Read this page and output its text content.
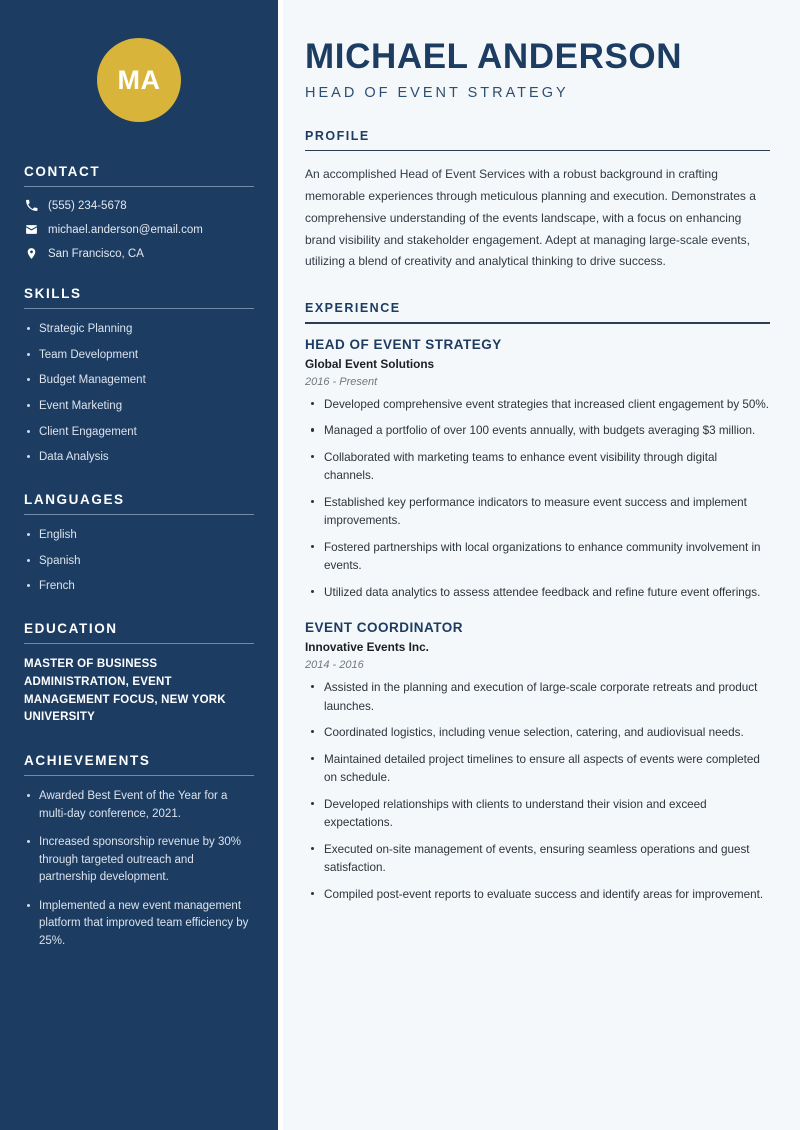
MA
CONTACT
(555) 234-5678
michael.anderson@email.com
San Francisco, CA
SKILLS
Strategic Planning
Team Development
Budget Management
Event Marketing
Client Engagement
Data Analysis
LANGUAGES
English
Spanish
French
EDUCATION
MASTER OF BUSINESS ADMINISTRATION, EVENT MANAGEMENT FOCUS, NEW YORK UNIVERSITY
ACHIEVEMENTS
Awarded Best Event of the Year for a multi-day conference, 2021.
Increased sponsorship revenue by 30% through targeted outreach and partnership development.
Implemented a new event management platform that improved team efficiency by 25%.
MICHAEL ANDERSON
HEAD OF EVENT STRATEGY
PROFILE

An accomplished Head of Event Services with a robust background in crafting memorable experiences through meticulous planning and execution. Demonstrates a comprehensive understanding of the events landscape, with a focus on enhancing brand visibility and stakeholder engagement. Adept at managing large-scale events, utilizing a blend of creativity and analytical thinking to drive success.

EXPERIENCE
HEAD OF EVENT STRATEGY
Global Event Solutions
2016 - Present
Developed comprehensive event strategies that increased client engagement by 50%.
Managed a portfolio of over 100 events annually, with budgets averaging $3 million.
Collaborated with marketing teams to enhance event visibility through digital channels.
Established key performance indicators to measure event success and implement improvements.
Fostered partnerships with local organizations to enhance community involvement in events.
Utilized data analytics to assess attendee feedback and refine future event offerings.
EVENT COORDINATOR
Innovative Events Inc.
2014 - 2016
Assisted in the planning and execution of large-scale corporate retreats and product launches.
Coordinated logistics, including venue selection, catering, and audiovisual needs.
Maintained detailed project timelines to ensure all aspects of events were completed on schedule.
Developed relationships with clients to understand their vision and exceed expectations.
Executed on-site management of events, ensuring seamless operations and guest satisfaction.
Compiled post-event reports to evaluate success and identify areas for improvement.
